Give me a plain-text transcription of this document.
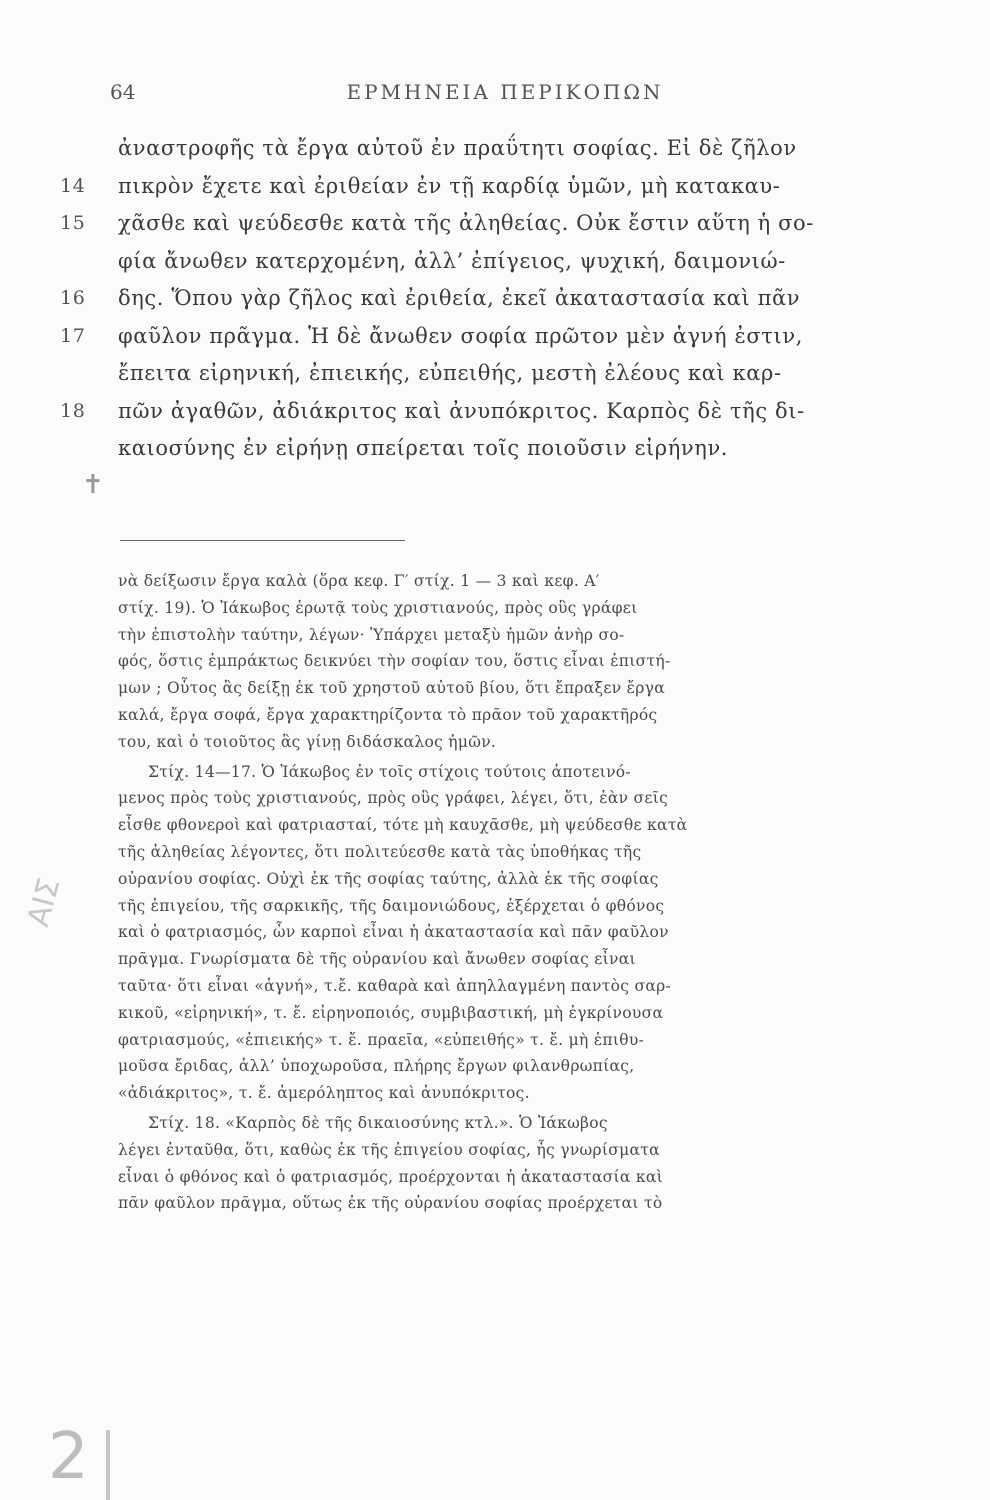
64	ΕΡΜΗΝΕΙΑ ΠΕΡΙΚΟΠΩΝ
ἀναστροφῆς τὰ ἔργα αὐτοῦ ἐν πραΰτητι σοφίας. Εἰ δὲ ζῆλον
14	πικρὸν ἔχετε καὶ ἐριθείαν ἐν τῇ καρδίᾳ ὑμῶν, μὴ κατακαυ-
15	χᾶσθε καὶ ψεύδεσθε κατὰ τῆς ἀληθείας. Οὐκ ἔστιν αὕτη ἡ σο-
φία ἄνωθεν κατερχομένη, ἀλλ’ ἐπίγειος, ψυχική, δαιμονιώ-
16	δης. Ὅπου γὰρ ζῆλος καὶ ἐριθεία, ἐκεῖ ἀκαταστασία καὶ πᾶν
17	φαῦλον πρᾶγμα. Ἡ δὲ ἄνωθεν σοφία πρῶτον μὲν ἁγνή ἐστιν,
ἔπειτα εἰρηνική, ἐπιεικής, εὐπειθής, μεστὴ ἐλέους καὶ καρ-
18	πῶν ἀγαθῶν, ἀδιάκριτος καὶ ἀνυπόκριτος. Καρπὸς δὲ τῆς δι-
καιοσύνης ἐν εἰρήνῃ σπείρεται τοῖς ποιοῦσιν εἰρήνην.
νὰ δείξωσιν ἔργα καλὰ (ὅρα κεφ. Γ′ στίχ. 1 — 3 καὶ κεφ. Α′
στίχ. 19). Ὁ Ἰάκωβος ἐρωτᾷ τοὺς χριστιανούς, πρὸς οὓς γράφει
τὴν ἐπιστολὴν ταύτην, λέγων· Ὑπάρχει μεταξὺ ἡμῶν ἀνὴρ σο-
φός, ὅστις ἐμπράκτως δεικνύει τὴν σοφίαν του, ὅστις εἶναι ἐπιστή-
μων ; Οὗτος ἂς δείξῃ ἐκ τοῦ χρηστοῦ αὐτοῦ βίου, ὅτι ἔπραξεν ἔργα
καλά, ἔργα σοφά, ἔργα χαρακτηρίζοντα τὸ πρᾶον τοῦ χαρακτῆρός
του, καὶ ὁ τοιοῦτος ἂς γίνῃ διδάσκαλος ἡμῶν.
Στίχ. 14—17. Ὁ Ἰάκωβος ἐν τοῖς στίχοις τούτοις ἀποτεινό-
μενος πρὸς τοὺς χριστιανούς, πρὸς οὓς γράφει, λέγει, ὅτι, ἐὰν σεῖς
εἶσθε φθονεροὶ καὶ φατριασταί, τότε μὴ καυχᾶσθε, μὴ ψεύδεσθε κατὰ
τῆς ἀληθείας λέγοντες, ὅτι πολιτεύεσθε κατὰ τὰς ὑποθήκας τῆς
οὐρανίου σοφίας. Οὐχὶ ἐκ τῆς σοφίας ταύτης, ἀλλὰ ἐκ τῆς σοφίας
τῆς ἐπιγείου, τῆς σαρκικῆς, τῆς δαιμονιώδους, ἐξέρχεται ὁ φθόνος
καὶ ὁ φατριασμός, ὧν καρποὶ εἶναι ἡ ἀκαταστασία καὶ πᾶν φαῦλον
πρᾶγμα. Γνωρίσματα δὲ τῆς οὐρανίου καὶ ἄνωθεν σοφίας εἶναι
ταῦτα· ὅτι εἶναι «ἁγνή», τ.ἔ. καθαρὰ καὶ ἀπηλλαγμένη παντὸς σαρ-
κικοῦ, «εἰρηνική», τ. ἔ. εἰρηνοποιός, συμβιβαστική, μὴ ἐγκρίνουσα
φατριασμούς, «ἐπιεικής» τ. ἔ. πραεῖα, «εὐπειθής» τ. ἔ. μὴ ἐπιθυ-
μοῦσα ἔριδας, ἀλλ’ ὑποχωροῦσα, πλήρης ἔργων φιλανθρωπίας,
«ἀδιάκριτος», τ. ἔ. ἀμερόληπτος καὶ ἀνυπόκριτος.
Στίχ. 18. «Καρπὸς δὲ τῆς δικαιοσύνης κτλ.». Ὁ Ἰάκωβος
λέγει ἐνταῦθα, ὅτι, καθὼς ἐκ τῆς ἐπιγείου σοφίας, ἧς γνωρίσματα
εἶναι ὁ φθόνος καὶ ὁ φατριασμός, προέρχονται ἡ ἀκαταστασία καὶ
πᾶν φαῦλον πρᾶγμα, οὕτως ἐκ τῆς οὐρανίου σοφίας προέρχεται τὸ
✝
ΑΙΣ
2
